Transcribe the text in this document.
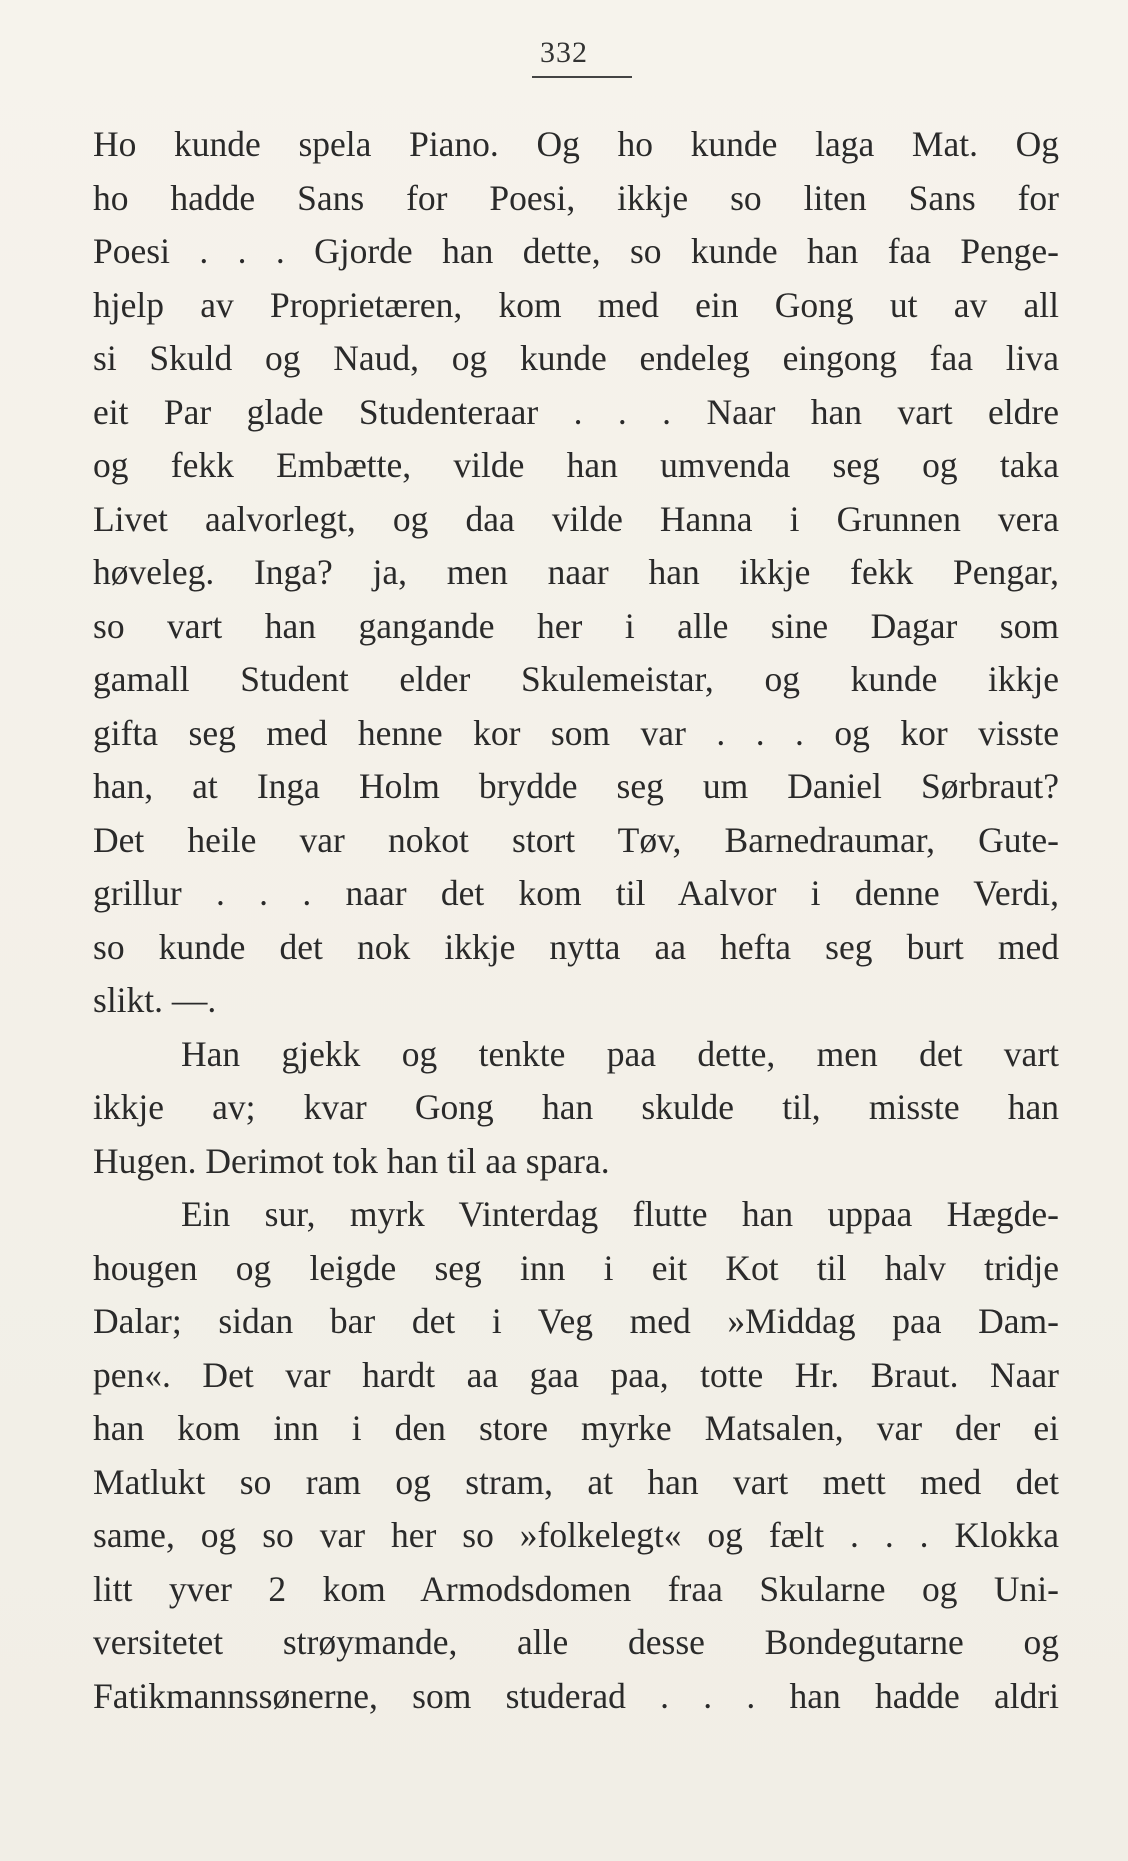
332
Ho kunde spela Piano. Og ho kunde laga Mat. Og
ho hadde Sans for Poesi, ikkje so liten Sans for
Poesi . . . Gjorde han dette, so kunde han faa Penge-
hjelp av Proprietæren, kom med ein Gong ut av all
si Skuld og Naud, og kunde endeleg eingong faa liva
eit Par glade Studenteraar . . . Naar han vart eldre
og fekk Embætte, vilde han umvenda seg og taka
Livet aalvorlegt, og daa vilde Hanna i Grunnen vera
høveleg. Inga? ja, men naar han ikkje fekk Pengar,
so vart han gangande her i alle sine Dagar som
gamall Student elder Skulemeistar, og kunde ikkje
gifta seg med henne kor som var . . . og kor visste
han, at Inga Holm brydde seg um Daniel Sørbraut?
Det heile var nokot stort Tøv, Barnedraumar, Gute-
grillur . . . naar det kom til Aalvor i denne Verdi,
so kunde det nok ikkje nytta aa hefta seg burt med
slikt. —.
Han gjekk og tenkte paa dette, men det vart
ikkje av; kvar Gong han skulde til, misste han
Hugen. Derimot tok han til aa spara.
Ein sur, myrk Vinterdag flutte han uppaa Hægde-
hougen og leigde seg inn i eit Kot til halv tridje
Dalar; sidan bar det i Veg med »Middag paa Dam-
pen«. Det var hardt aa gaa paa, totte Hr. Braut. Naar
han kom inn i den store myrke Matsalen, var der ei
Matlukt so ram og stram, at han vart mett med det
same, og so var her so »folkelegt« og fælt . . . Klokka
litt yver 2 kom Armodsdomen fraa Skularne og Uni-
versitetet strøymande, alle desse Bondegutarne og
Fatikmannssønerne, som studerad . . . han hadde aldri
